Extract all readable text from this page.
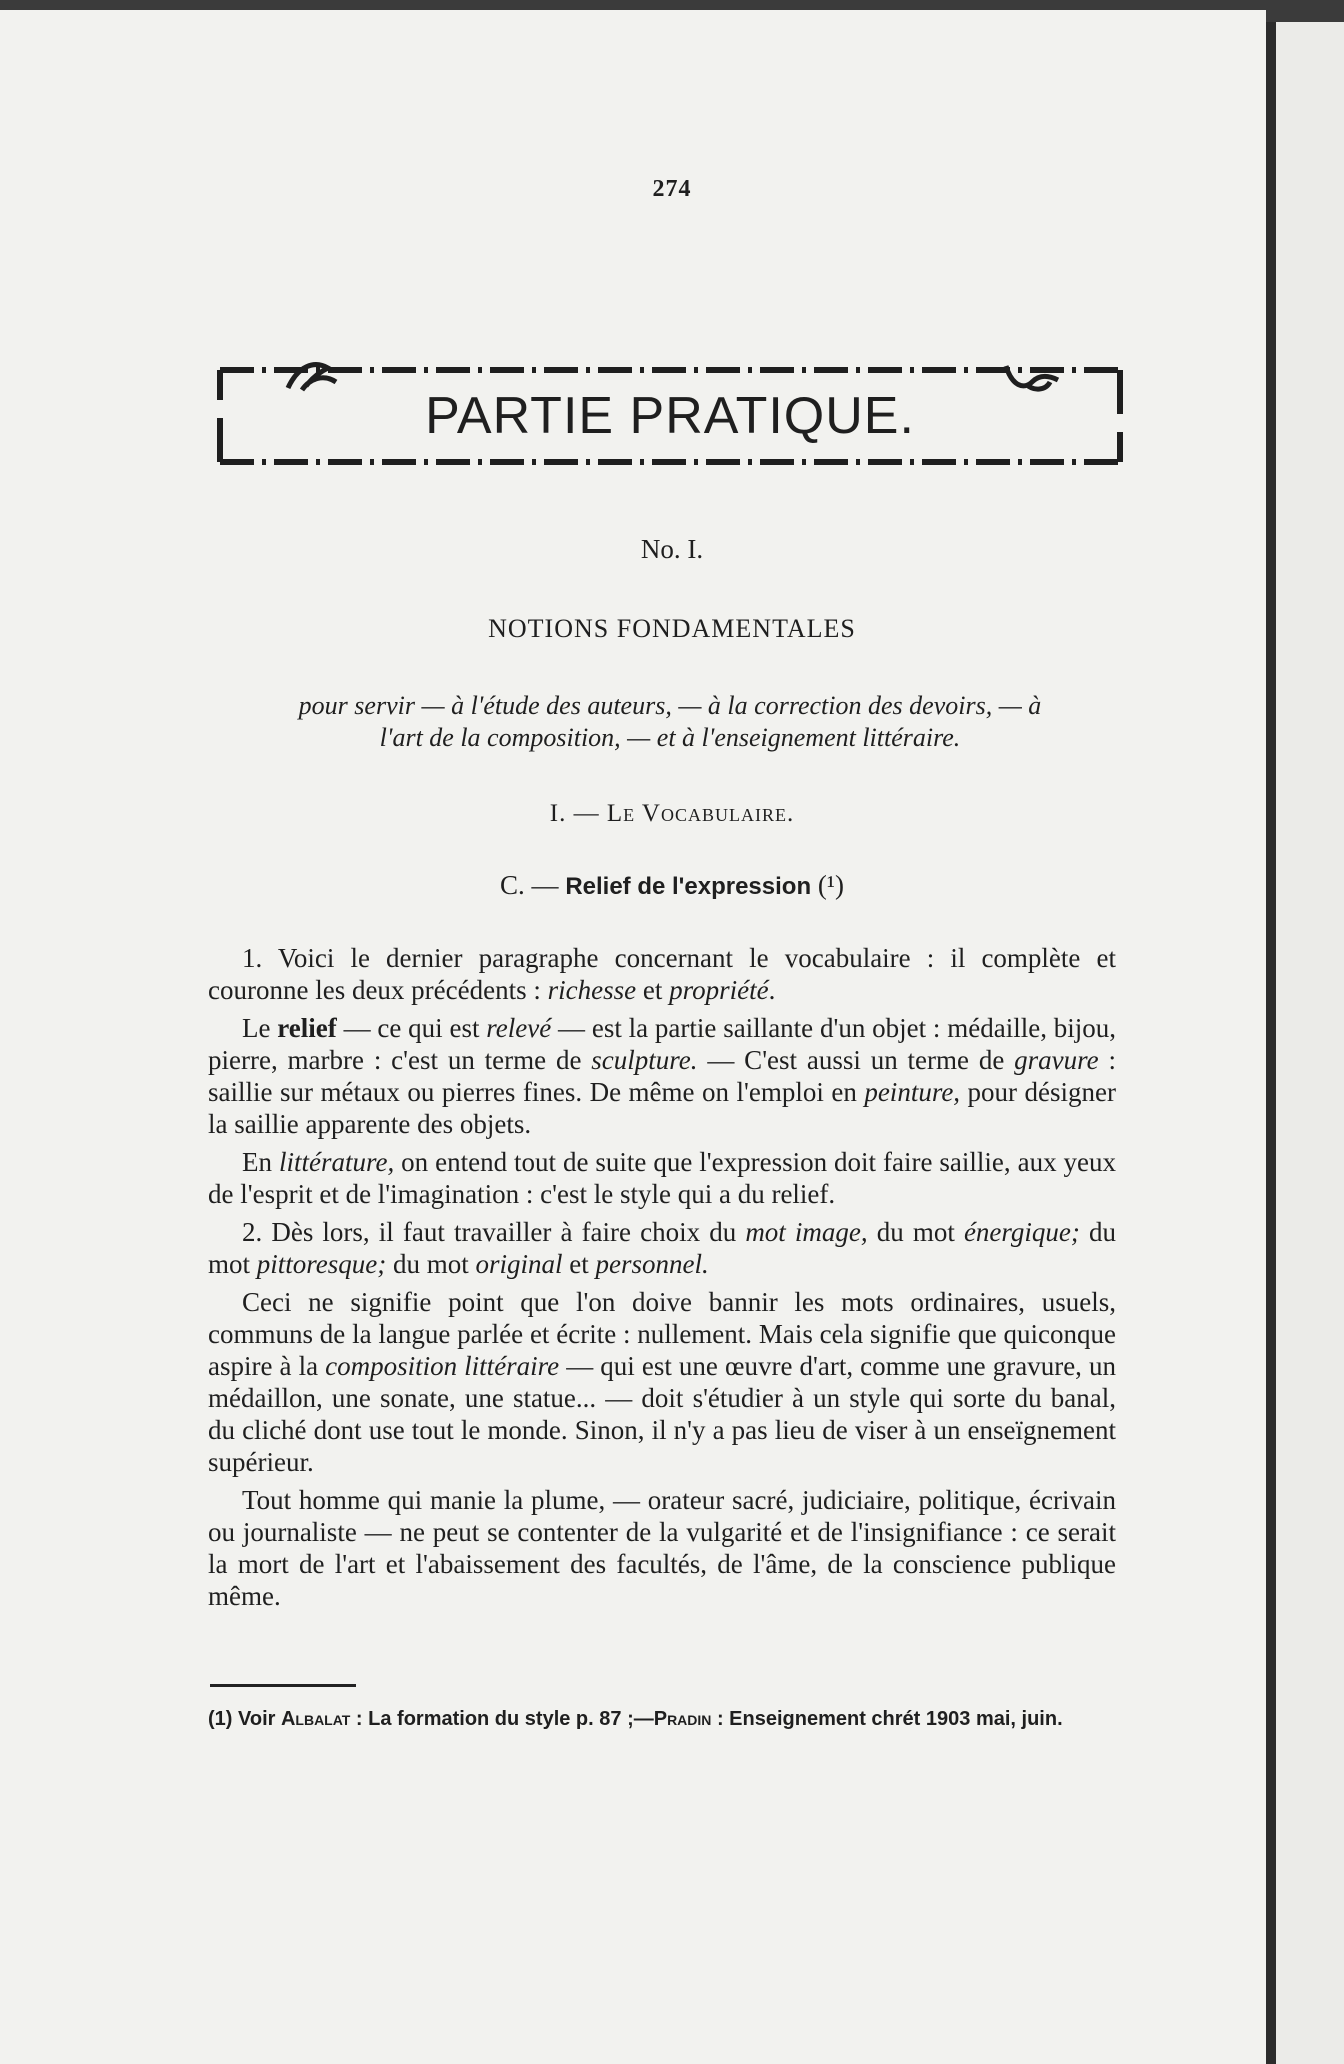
274
PARTIE PRATIQUE.
No. I.
NOTIONS FONDAMENTALES
pour servir — à l'étude des auteurs, — à la correction des devoirs, — à
l'art de la composition, — et à l'enseignement littéraire.
I. — Le Vocabulaire.
C. — Relief de l'expression (¹)

1. Voici le dernier paragraphe concernant le vocabulaire : il complète et couronne les deux précédents : richesse et propriété.

Le relief — ce qui est relevé — est la partie saillante d'un objet : médaille, bijou, pierre, marbre : c'est un terme de sculpture. — C'est aussi un terme de gravure : saillie sur métaux ou pierres fines. De même on l'emploi en peinture, pour désigner la saillie apparente des objets.

En littérature, on entend tout de suite que l'expression doit faire saillie, aux yeux de l'esprit et de l'imagination : c'est le style qui a du relief.

2. Dès lors, il faut travailler à faire choix du mot image, du mot énergique; du mot pittoresque; du mot original et personnel.

Ceci ne signifie point que l'on doive bannir les mots ordinaires, usuels, communs de la langue parlée et écrite : nullement. Mais cela signifie que quiconque aspire à la composition littéraire — qui est une œuvre d'art, comme une gravure, un médaillon, une sonate, une statue... — doit s'étudier à un style qui sorte du banal, du cliché dont use tout le monde. Sinon, il n'y a pas lieu de viser à un enseïgnement supérieur.

Tout homme qui manie la plume, — orateur sacré, judiciaire, politique, écrivain ou journaliste — ne peut se contenter de la vulgarité et de l'insignifiance : ce serait la mort de l'art et l'abaissement des facultés, de l'âme, de la conscience publique même.

(1) Voir Albalat : La formation du style p. 87 ;—Pradin : Enseignement chrét 1903 mai, juin.
